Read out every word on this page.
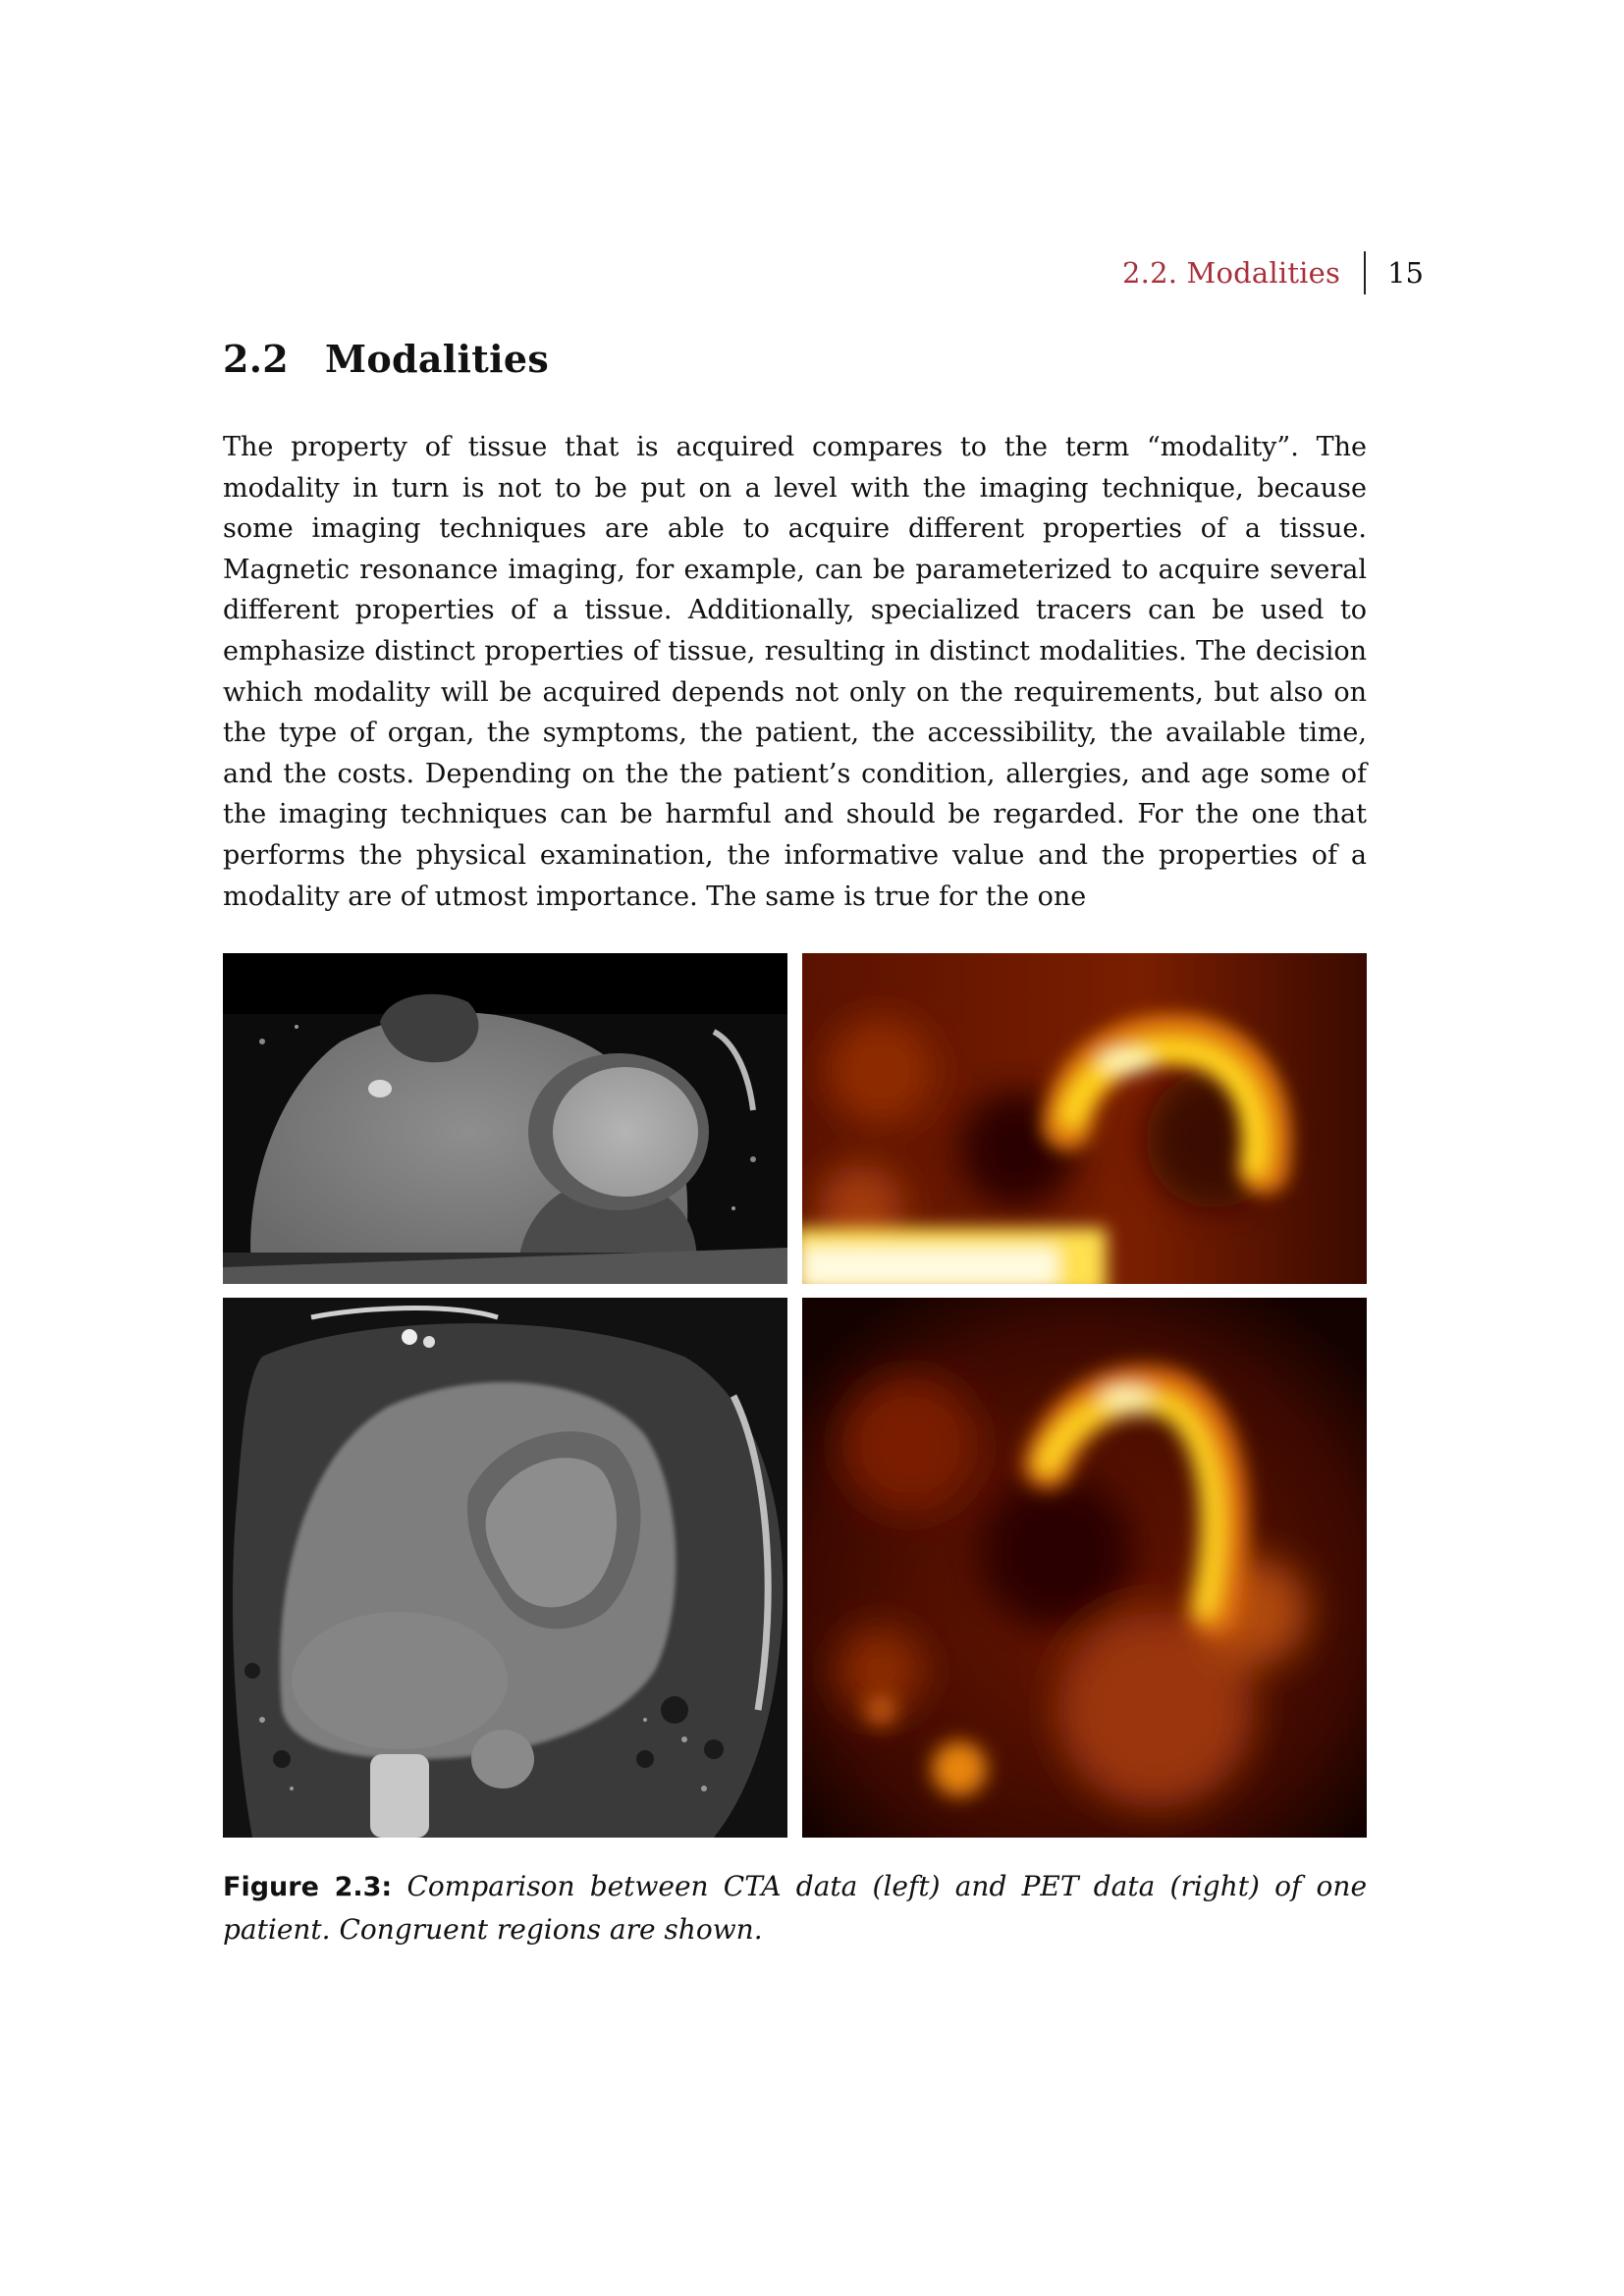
2.2. Modalities 15
2.2 Modalities

The property of tissue that is acquired compares to the term “modality”. The modality in turn is not to be put on a level with the imaging technique, because some imaging techniques are able to acquire different properties of a tissue. Magnetic resonance imaging, for example, can be parameterized to acquire several different properties of a tissue. Additionally, specialized tracers can be used to emphasize distinct properties of tissue, resulting in distinct modalities. The decision which modality will be acquired depends not only on the requirements, but also on the type of organ, the symptoms, the patient, the accessibility, the available time, and the costs. Depending on the the patient’s condition, allergies, and age some of the imaging techniques can be harmful and should be regarded. For the one that performs the physical examination, the informative value and the properties of a modality are of utmost importance. The same is true for the one

Figure 2.3: Comparison between CTA data (left) and PET data (right) of one patient. Congruent regions are shown.
